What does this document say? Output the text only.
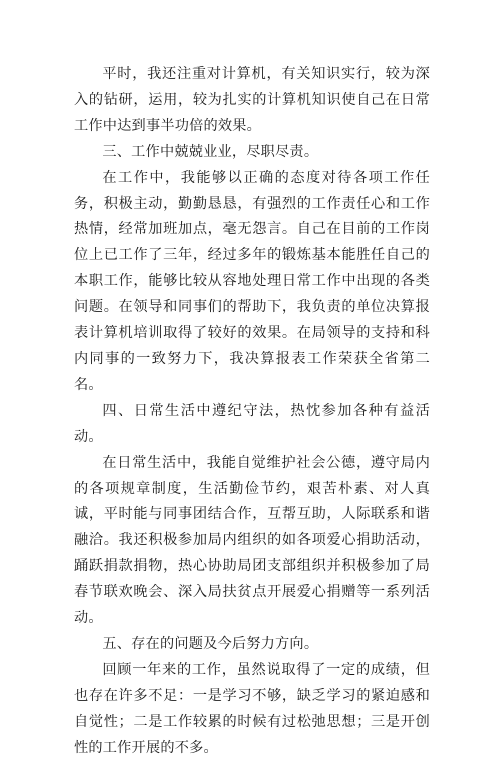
平时，我还注重对计算机，有关知识实行，较为深入的钻研，运用，较为扎实的计算机知识使自己在日常工作中达到事半功倍的效果。

三、工作中兢兢业业，尽职尽责。

在工作中，我能够以正确的态度对待各项工作任务，积极主动，勤勤恳恳，有强烈的工作责任心和工作热情，经常加班加点，毫无怨言。自己在目前的工作岗位上已工作了三年，经过多年的锻炼基本能胜任自己的本职工作，能够比较从容地处理日常工作中出现的各类问题。在领导和同事们的帮助下，我负责的单位决算报表计算机培训取得了较好的效果。在局领导的支持和科内同事的一致努力下，我决算报表工作荣获全省第二名。

四、日常生活中遵纪守法，热忱参加各种有益活动。

在日常生活中，我能自觉维护社会公德，遵守局内的各项规章制度，生活勤俭节约，艰苦朴素、对人真诚，平时能与同事团结合作，互帮互助，人际联系和谐融洽。我还积极参加局内组织的如各项爱心捐助活动，踊跃捐款捐物，热心协助局团支部组织并积极参加了局春节联欢晚会、深入局扶贫点开展爱心捐赠等一系列活动。

五、存在的问题及今后努力方向。

回顾一年来的工作，虽然说取得了一定的成绩，但也存在许多不足：一是学习不够，缺乏学习的紧迫感和自觉性；二是工作较累的时候有过松弛思想；三是开创性的工作开展的不多。
